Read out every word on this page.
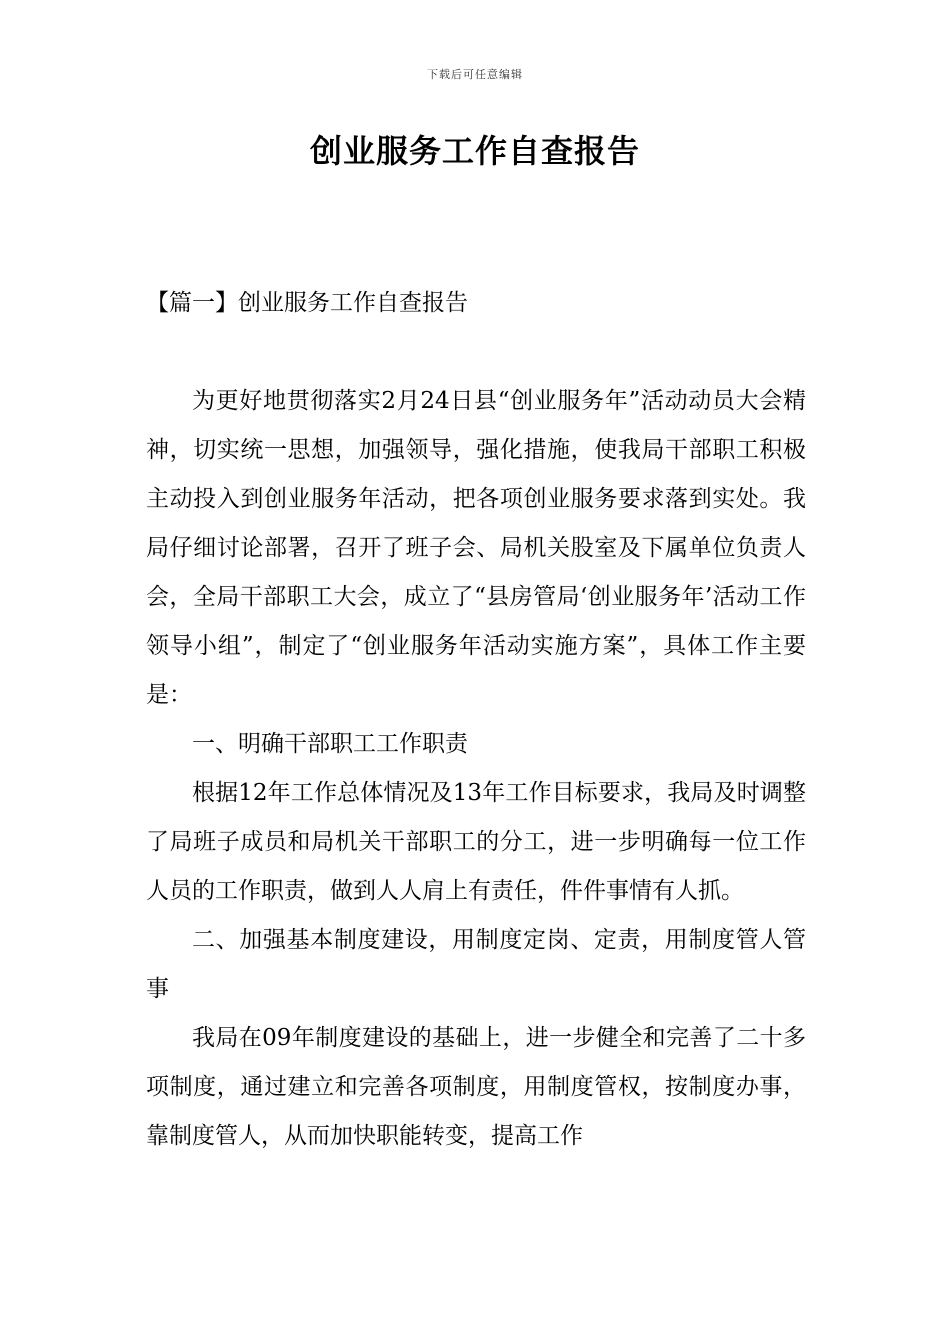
下载后可任意编辑
创业服务工作自查报告
【篇一】创业服务工作自查报告

为更好地贯彻落实2月24日县“创业服务年”活动动员大会精神，切实统一思想，加强领导，强化措施，使我局干部职工积极主动投入到创业服务年活动，把各项创业服务要求落到实处。我局仔细讨论部署，召开了班子会、局机关股室及下属单位负责人会，全局干部职工大会，成立了“县房管局‘创业服务年’活动工作领导小组”，制定了“创业服务年活动实施方案”，具体工作主要是：

一、明确干部职工工作职责

根据12年工作总体情况及13年工作目标要求，我局及时调整了局班子成员和局机关干部职工的分工，进一步明确每一位工作人员的工作职责，做到人人肩上有责任，件件事情有人抓。

二、加强基本制度建设，用制度定岗、定责，用制度管人管事

我局在09年制度建设的基础上，进一步健全和完善了二十多项制度，通过建立和完善各项制度，用制度管权，按制度办事，靠制度管人，从而加快职能转变，提高工作
